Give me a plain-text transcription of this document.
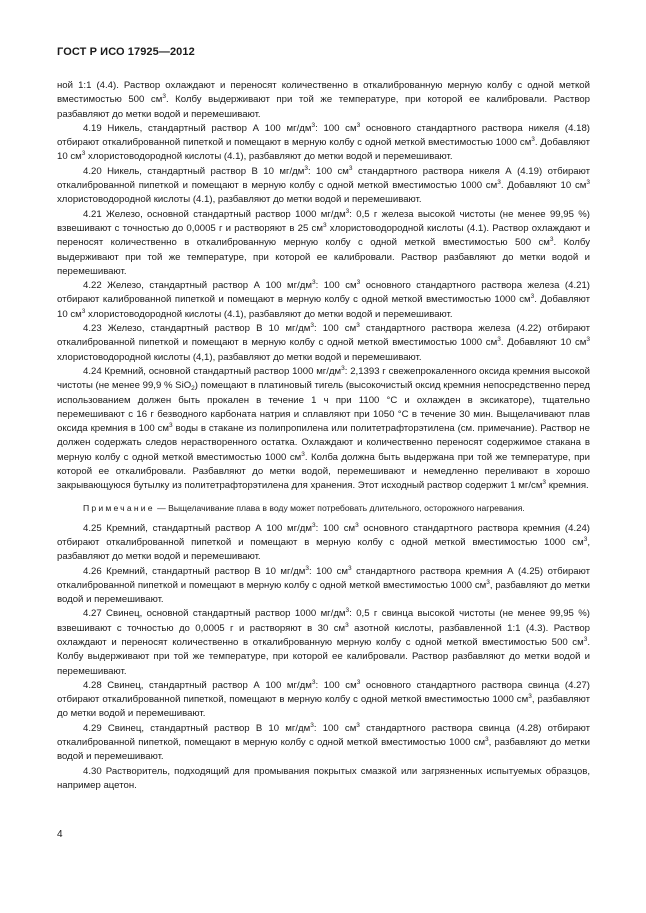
ГОСТ Р ИСО 17925—2012

ной 1:1 (4.4). Раствор охлаждают и переносят количественно в откалиброванную мерную колбу с одной меткой вместимостью 500 $см^3$. Колбу выдерживают при той же температуре, при которой ее калибровали. Раствор разбавляют до метки водой и перемешивают.

4.19 Никель, стандартный раствор А 100 $мг/дм^3$: 100 $см^3$ основного стандартного раствора никеля (4.18) отбирают откалиброванной пипеткой и помещают в мерную колбу с одной меткой вместимостью 1000 $см^3$. Добавляют 10 $см^3$ хлористоводородной кислоты (4.1), разбавляют до метки водой и перемешивают.

4.20 Никель, стандартный раствор В 10 $мг/дм^3$: 100 $см^3$ стандартного раствора никеля А (4.19) отбирают откалиброванной пипеткой и помещают в мерную колбу с одной меткой вместимостью 1000 $см^3$. Добавляют 10 $см^3$ хлористоводородной кислоты (4.1), разбавляют до метки водой и перемешивают.

4.21 Железо, основной стандартный раствор 1000 $мг/дм^3$: 0,5 г железа высокой чистоты (не менее 99,95 %) взвешивают с точностью до 0,0005 г и растворяют в 25 $см^3$ хлористоводородной кислоты (4.1). Раствор охлаждают и переносят количественно в откалиброванную мерную колбу с одной меткой вместимостью 500 $см^3$. Колбу выдерживают при той же температуре, при которой ее калибровали. Раствор разбавляют до метки водой и перемешивают.

4.22 Железо, стандартный раствор А 100 $мг/дм^3$: 100 $см^3$ основного стандартного раствора железа (4.21) отбирают калиброванной пипеткой и помещают в мерную колбу с одной меткой вместимостью 1000 $см^3$. Добавляют 10 $см^3$ хлористоводородной кислоты (4.1), разбавляют до метки водой и перемешивают.

4.23 Железо, стандартный раствор В 10 $мг/дм^3$: 100 $см^3$ стандартного раствора железа (4.22) отбирают откалиброванной пипеткой и помещают в мерную колбу с одной меткой вместимостью 1000 $см^3$. Добавляют 10 $см^3$ хлористоводородной кислоты (4,1), разбавляют до метки водой и перемешивают.

4.24 Кремний, основной стандартный раствор 1000 $мг/дм^3$: 2,1393 г свежепрокаленного оксида кремния высокой чистоты (не менее 99,9 % SiO$_2$) помещают в платиновый тигель (высокочистый оксид кремния непосредственно перед использованием должен быть прокален в течение 1 ч при 1100 °С и охлажден в эксикаторе), тщательно перемешивают с 16 г безводного карбоната натрия и сплавляют при 1050 °С в течение 30 мин. Выщелачивают плав оксида кремния в 100 $см^3$ воды в стакане из полипропилена или политетрафторэтилена (см. примечание). Раствор не должен содержать следов нерастворенного остатка. Охлаждают и количественно переносят содержимое стакана в мерную колбу с одной меткой вместимостью 1000 $см^3$. Колба должна быть выдержана при той же температуре, при которой ее откалибровали. Разбавляют до метки водой, перемешивают и немедленно переливают в хорошо закрывающуюся бутылку из политетрафторэтилена для хранения. Этот исходный раствор содержит 1 $мг/см^3$ кремния.

Примечание — Выщелачивание плава в воду может потребовать длительного, осторожного нагревания.

4.25 Кремний, стандартный раствор А 100 $мг/дм^3$: 100 $см^3$ основного стандартного раствора кремния (4.24) отбирают откалиброванной пипеткой и помещают в мерную колбу с одной меткой вместимостью 1000 $см^3$, разбавляют до метки водой и перемешивают.

4.26 Кремний, стандартный раствор В 10 $мг/дм^3$: 100 $см^3$ стандартного раствора кремния А (4.25) отбирают откалиброванной пипеткой и помещают в мерную колбу с одной меткой вместимостью 1000 $см^3$, разбавляют до метки водой и перемешивают.

4.27 Свинец, основной стандартный раствор 1000 $мг/дм^3$: 0,5 г свинца высокой чистоты (не менее 99,95 %) взвешивают с точностью до 0,0005 г и растворяют в 30 $см^3$ азотной кислоты, разбавленной 1:1 (4.3). Раствор охлаждают и переносят количественно в откалиброванную мерную колбу с одной меткой вместимостью 500 $см^3$. Колбу выдерживают при той же температуре, при которой ее калибровали. Раствор разбавляют до метки водой и перемешивают.

4.28 Свинец, стандартный раствор А 100 $мг/дм^3$: 100 $см^3$ основного стандартного раствора свинца (4.27) отбирают откалиброванной пипеткой, помещают в мерную колбу с одной меткой вместимостью 1000 $см^3$, разбавляют до метки водой и перемешивают.

4.29 Свинец, стандартный раствор В 10 $мг/дм^3$: 100 $см^3$ стандартного раствора свинца (4.28) отбирают откалиброванной пипеткой, помещают в мерную колбу с одной меткой вместимостью 1000 $см^3$, разбавляют до метки водой и перемешивают.

4.30 Растворитель, подходящий для промывания покрытых смазкой или загрязненных испытуемых образцов, например ацетон.

4
